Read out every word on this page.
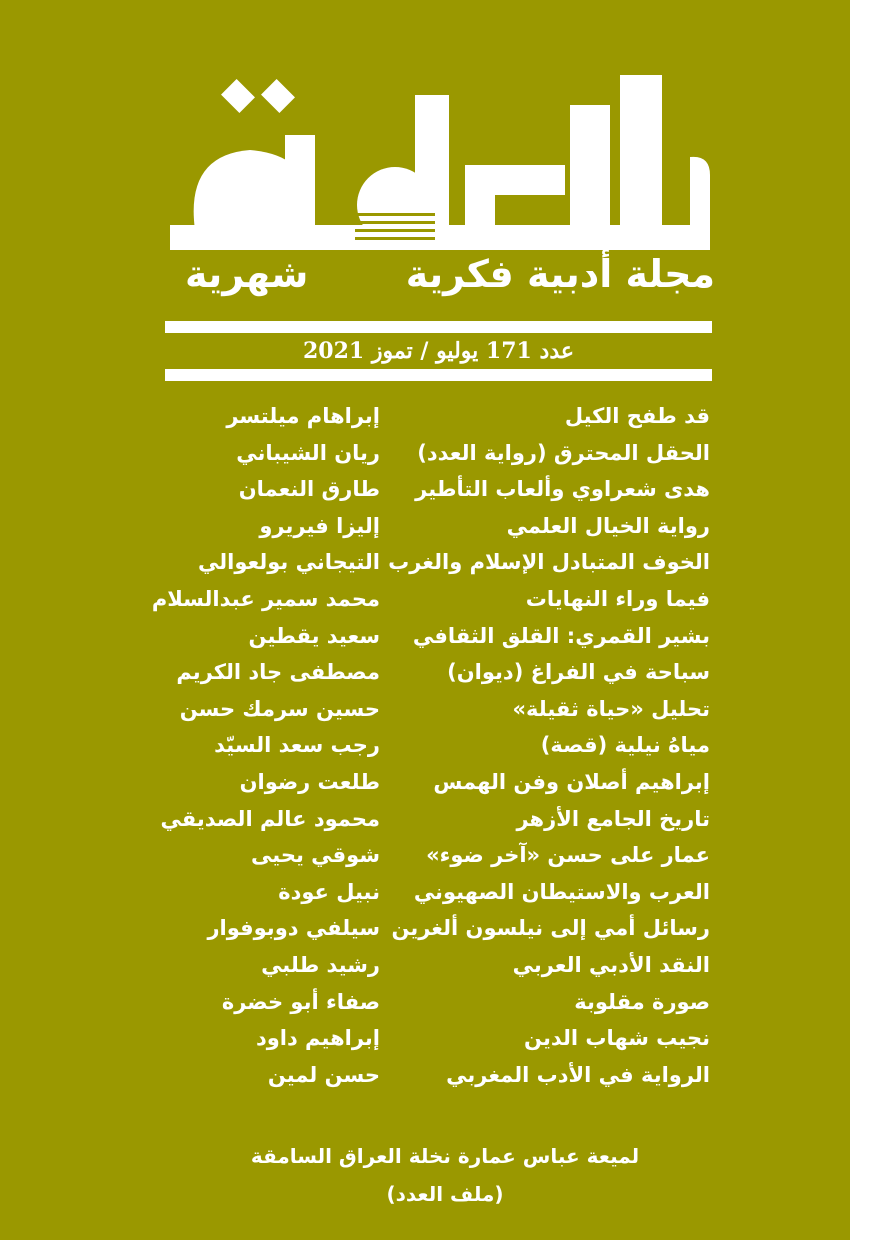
مجلة أدبية فكرية
شهرية
عدد 171 يوليو / تموز 2021
قد طفح الكيل
إبراهام ميلتسر
الحقل المحترق (رواية العدد)
ريان الشيباني
هدى شعراوي وألعاب التأطير
طارق النعمان
رواية الخيال العلمي
إليزا فيريرو
الخوف المتبادل الإسلام والغرب
التيجاني بولعوالي
فيما وراء النهايات
محمد سمير عبدالسلام
بشير القمري: القلق الثقافي
سعيد يقطين
سباحة في الفراغ (ديوان)
مصطفى جاد الكريم
تحليل «حياة ثقيلة»
حسين سرمك حسن
مياهُ نيلية (قصة)
رجب سعد السيّد
إبراهيم أصلان وفن الهمس
طلعت رضوان
تاريخ الجامع الأزهر
محمود عالم الصديقي
عمار على حسن «آخر ضوء»
شوقي يحيى
العرب والاستيطان الصهيوني
نبيل عودة
رسائل أمي إلى نيلسون ألغرين
سيلفي دوبوفوار
النقد الأدبي العربي
رشيد طلبي
صورة مقلوبة
صفاء أبو خضرة
نجيب شهاب الدين
إبراهيم داود
الرواية في الأدب المغربي
حسن لمين
لميعة عباس عمارة نخلة العراق السامقة
(ملف العدد)
